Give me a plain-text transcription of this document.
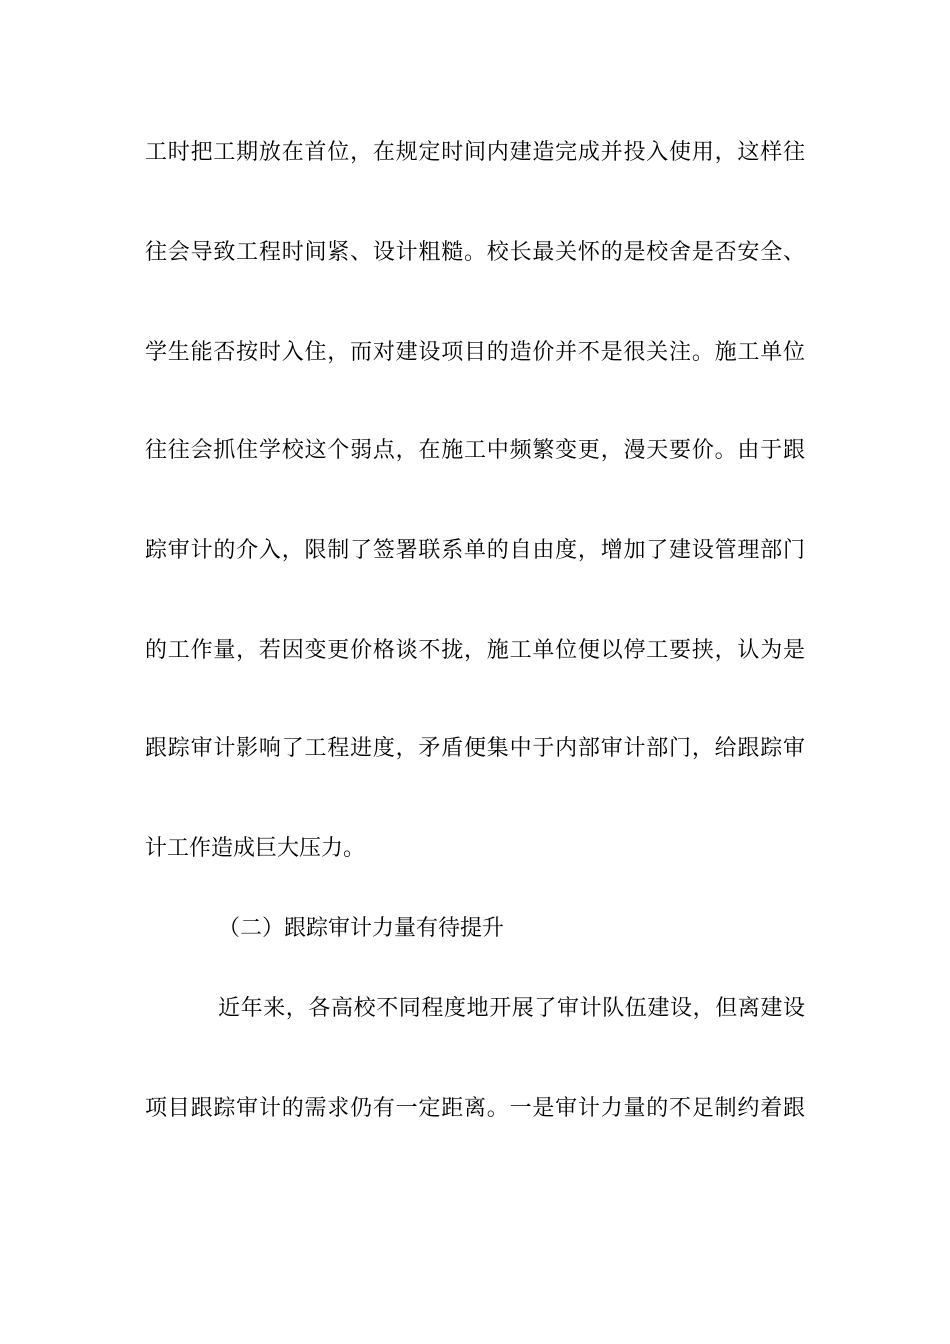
工时把工期放在首位，在规定时间内建造完成并投入使用，这样往
往会导致工程时间紧、设计粗糙。校长最关怀的是校舍是否安全、
学生能否按时入住，而对建设项目的造价并不是很关注。施工单位
往往会抓住学校这个弱点，在施工中频繁变更，漫天要价。由于跟
踪审计的介入，限制了签署联系单的自由度，增加了建设管理部门
的工作量，若因变更价格谈不拢，施工单位便以停工要挟，认为是
跟踪审计影响了工程进度，矛盾便集中于内部审计部门，给跟踪审
计工作造成巨大压力。
（二）跟踪审计力量有待提升
近年来，各高校不同程度地开展了审计队伍建设，但离建设
项目跟踪审计的需求仍有一定距离。一是审计力量的不足制约着跟
